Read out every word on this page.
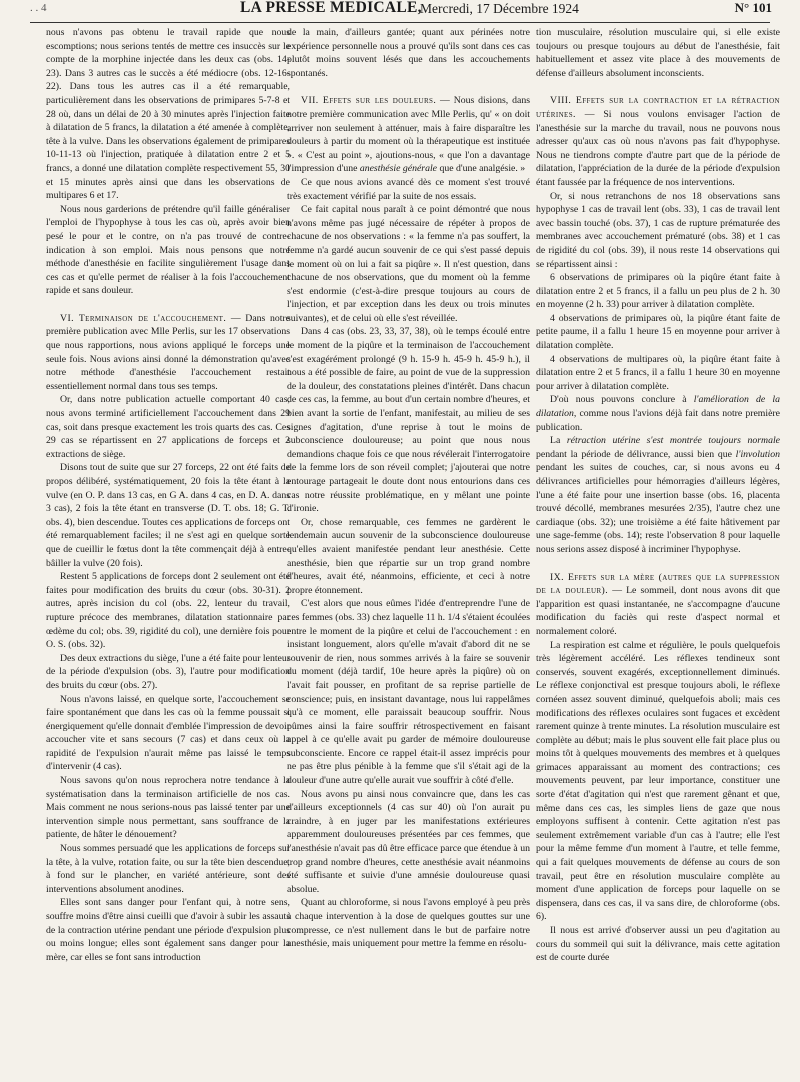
. . 4	LA PRESSE MEDICALE,
Mercredi, 17 Décembre 1924	N° 101

nous n'avons pas obtenu le travail rapide que nous escomptions; nous serions tentés de mettre ces insuccès sur le compte de la morphine injectée dans les deux cas (obs. 14-23). Dans 3 autres cas le succès a été médiocre (obs. 12-16-22). Dans tous les autres cas il a été remarquable, particulièrement dans les observations de primipares 5-7-8 et 28 où, dans un délai de 20 à 30 minutes après l'injection faite à dilatation de 5 francs, la dilatation a été amenée à complète, tête à la vulve. Dans les observations également de primipares 10-11-13 où l'injection, pratiquée à dilatation entre 2 et 5 francs, a donné une dilatation complète respectivement 55, 30 et 15 minutes après ainsi que dans les observations de multipares 6 et 17.

Nous nous garderions de prétendre qu'il faille généraliser l'emploi de l'hypophyse à tous les cas où, après avoir bien pesé le pour et le contre, on n'a pas trouvé de contre-indication à son emploi. Mais nous pensons que notre méthode d'anesthésie en facilite singulièrement l'usage dans ces cas et qu'elle permet de réaliser à la fois l'accouchement rapide et sans douleur.

VI. Terminaison de l'accouchement. — Dans notre première publication avec Mlle Perlis, sur les 17 observations que nous rapportions, nous avions appliqué le forceps une seule fois. Nous avions ainsi donné la démonstration qu'avec notre méthode d'anesthésie l'accouchement restait essentiellement normal dans tous ses temps.

Or, dans notre publication actuelle comportant 40 cas, nous avons terminé artificiellement l'accouchement dans 29 cas, soit dans presque exactement les trois quarts des cas. Ces 29 cas se répartissent en 27 applications de forceps et 2 extractions de siège.

Disons tout de suite que sur 27 forceps, 22 ont été faits de propos délibéré, systématiquement, 20 fois la tête étant à la vulve (en O. P. dans 13 cas, en G A. dans 4 cas, en D. A. dans 3 cas), 2 fois la tête étant en transverse (D. T. obs. 18; G. T. obs. 4), bien descendue. Toutes ces applications de forceps ont été remarquablement faciles; il ne s'est agi en quelque sorte que de cueillir le fœtus dont la tête commençait déjà à entre-bâiller la vulve (20 fois).

Restent 5 applications de forceps dont 2 seulement ont été faites pour modification des bruits du cœur (obs. 30-31). 2 autres, après incision du col (obs. 22, lenteur du travail, rupture précoce des membranes, dilatation stationnaire par œdème du col; obs. 39, rigidité du col), une dernière fois pour O. S. (obs. 32).

Des deux extractions du siège, l'une a été faite pour lenteur de la période d'expulsion (obs. 3), l'autre pour modification des bruits du cœur (obs. 27).

Nous n'avons laissé, en quelque sorte, l'accouchement se faire spontanément que dans les cas où la femme poussait si énergiquement qu'elle donnait d'emblée l'impression de devoir accoucher vite et sans secours (7 cas) et dans ceux où la rapidité de l'expulsion n'aurait même pas laissé le temps d'intervenir (4 cas).

Nous savons qu'on nous reprochera notre tendance à la systématisation dans la terminaison artificielle de nos cas. Mais comment ne nous serions-nous pas laissé tenter par une intervention simple nous permettant, sans souffrance de la patiente, de hâter le dénouement?

Nous sommes persuadé que les applications de forceps sur la tête, à la vulve, rotation faite, ou sur la tête bien descendue, à fond sur le plancher, en variété antérieure, sont des interventions absolument anodines.

Elles sont sans danger pour l'enfant qui, à notre sens, souffre moins d'être ainsi cueilli que d'avoir à subir les assauts de la contraction utérine pendant une période d'expulsion plus ou moins longue; elles sont également sans danger pour la mère, car elles se font sans introduction

de la main, d'ailleurs gantée; quant aux périnées notre expérience personnelle nous a prouvé qu'ils sont dans ces cas plutôt moins souvent lésés que dans les accouchements spontanés.

VII. Effets sur les douleurs. — Nous disions, dans notre première communication avec Mlle Perlis, qu' « on doit arriver non seulement à atténuer, mais à faire disparaître les douleurs à partir du moment où la thérapeutique est instituée ». « C'est au point », ajoutions-nous, « que l'on a davantage l'impression d'une anesthésie générale que d'une analgésie. »

Ce que nous avions avancé dès ce moment s'est trouvé très exactement vérifié par la suite de nos essais.

Ce fait capital nous paraît à ce point démontré que nous n'avons même pas jugé nécessaire de répéter à propos de chacune de nos observations : « la femme n'a pas souffert, la femme n'a gardé aucun souvenir de ce qui s'est passé depuis le moment où on lui a fait sa piqûre ». Il n'est question, dans chacune de nos observations, que du moment où la femme s'est endormie (c'est-à-dire presque toujours au cours de l'injection, et par exception dans les deux ou trois minutes suivantes), et de celui où elle s'est réveillée.

Dans 4 cas (obs. 23, 33, 37, 38), où le temps écoulé entre le moment de la piqûre et la terminaison de l'accouchement s'est exagérément prolongé (9 h. 15-9 h. 45-9 h. 45-9 h.), il nous a été possible de faire, au point de vue de la suppression de la douleur, des constatations pleines d'intérêt. Dans chacun de ces cas, la femme, au bout d'un certain nombre d'heures, et bien avant la sortie de l'enfant, manifestait, au milieu de ses signes d'agitation, d'une reprise à tout le moins de subconscience douloureuse; au point que nous nous demandions chaque fois ce que nous révélerait l'interrogatoire de la femme lors de son réveil complet; j'ajouterai que notre entourage partageait le doute dont nous entourions dans ces cas notre réussite problématique, en y mêlant une pointe d'ironie.

Or, chose remarquable, ces femmes ne gardèrent le lendemain aucun souvenir de la subconscience douloureuse qu'elles avaient manifestée pendant leur anesthésie. Cette anesthésie, bien que répartie sur un trop grand nombre d'heures, avait été, néanmoins, efficiente, et ceci à notre propre étonnement.

C'est alors que nous eûmes l'idée d'entreprendre l'une de ces femmes (obs. 33) chez laquelle 11 h. 1/4 s'étaient écoulées entre le moment de la piqûre et celui de l'accouchement : en insistant longuement, alors qu'elle m'avait d'abord dit ne se souvenir de rien, nous sommes arrivés à la faire se souvenir du moment (déjà tardif, 10e heure après la piqûre) où on l'avait fait pousser, en profitant de sa reprise partielle de conscience; puis, en insistant davantage, nous lui rappelâmes qu'à ce moment, elle paraissait beaucoup souffrir. Nous pûmes ainsi la faire souffrir rétrospectivement en faisant appel à ce qu'elle avait pu garder de mémoire douloureuse subconsciente. Encore ce rappel était-il assez imprécis pour ne pas être plus pénible à la femme que s'il s'était agi de la douleur d'une autre qu'elle aurait vue souffrir à côté d'elle.

Nous avons pu ainsi nous convaincre que, dans les cas d'ailleurs exceptionnels (4 cas sur 40) où l'on aurait pu craindre, à en juger par les manifestations extérieures apparemment douloureuses présentées par ces femmes, que l'anesthésie n'avait pas dû être efficace parce que étendue à un trop grand nombre d'heures, cette anesthésie avait néanmoins été suffisante et suivie d'une amnésie douloureuse quasi absolue.

Quant au chloroforme, si nous l'avons employé à peu près à chaque intervention à la dose de quelques gouttes sur une compresse, ce n'est nullement dans le but de parfaire notre anesthésie, mais uniquement pour mettre la femme en résolu-

tion musculaire, résolution musculaire qui, si elle existe toujours ou presque toujours au début de l'anesthésie, fait habituellement et assez vite place à des mouvements de défense d'ailleurs absolument inconscients.

VIII. Effets sur la contraction et la rétraction utérines. — Si nous voulons envisager l'action de l'anesthésie sur la marche du travail, nous ne pouvons nous adresser qu'aux cas où nous n'avons pas fait d'hypophyse. Nous ne tiendrons compte d'autre part que de la période de dilatation, l'appréciation de la durée de la période d'expulsion étant faussée par la fréquence de nos interventions.

Or, si nous retranchons de nos 18 observations sans hypophyse 1 cas de travail lent (obs. 33), 1 cas de travail lent avec bassin touché (obs. 37), 1 cas de rupture prématurée des membranes avec accouchement prématuré (obs. 38) et 1 cas de rigidité du col (obs. 39), il nous reste 14 observations qui se répartissent ainsi :

6 observations de primipares où la piqûre étant faite à dilatation entre 2 et 5 francs, il a fallu un peu plus de 2 h. 30 en moyenne (2 h. 33) pour arriver à dilatation complète.

4 observations de primipares où, la piqûre étant faite de petite paume, il a fallu 1 heure 15 en moyenne pour arriver à dilatation complète.

4 observations de multipares où, la piqûre étant faite à dilatation entre 2 et 5 francs, il a fallu 1 heure 30 en moyenne pour arriver à dilatation complète.

D'où nous pouvons conclure à l'amélioration de la dilatation, comme nous l'avions déjà fait dans notre première publication.

La rétraction utérine s'est montrée toujours normale pendant la période de délivrance, aussi bien que l'involution pendant les suites de couches, car, si nous avons eu 4 délivrances artificielles pour hémorragies d'ailleurs légères, l'une a été faite pour une insertion basse (obs. 16, placenta trouvé décollé, membranes mesurées 2/35), l'autre chez une cardiaque (obs. 32); une troisième a été faite hâtivement par une sage-femme (obs. 14); reste l'observation 8 pour laquelle nous serions assez disposé à incriminer l'hypophyse.

IX. Effets sur la mère (autres que la suppression de la douleur). — Le sommeil, dont nous avons dit que l'apparition est quasi instantanée, ne s'accompagne d'aucune modification du faciès qui reste d'aspect normal et normalement coloré.

La respiration est calme et régulière, le pouls quelquefois très légèrement accéléré. Les réflexes tendineux sont conservés, souvent exagérés, exceptionnellement diminués. Le réflexe conjonctival est presque toujours aboli, le réflexe cornéen assez souvent diminué, quelquefois aboli; mais ces modifications des réflexes oculaires sont fugaces et excèdent rarement quinze à trente minutes. La résolution musculaire est complète au début; mais le plus souvent elle fait place plus ou moins tôt à quelques mouvements des membres et à quelques grimaces apparaissant au moment des contractions; ces mouvements peuvent, par leur importance, constituer une sorte d'état d'agitation qui n'est que rarement gênant et que, même dans ces cas, les simples liens de gaze que nous employons suffisent à contenir. Cette agitation n'est pas seulement extrêmement variable d'un cas à l'autre; elle l'est pour la même femme d'un moment à l'autre, et telle femme, qui a fait quelques mouvements de défense au cours de son travail, peut être en résolution musculaire complète au moment d'une application de forceps pour laquelle on se dispensera, dans ces cas, il va sans dire, de chloroforme (obs. 6).

Il nous est arrivé d'observer aussi un peu d'agitation au cours du sommeil qui suit la délivrance, mais cette agitation est de courte durée
